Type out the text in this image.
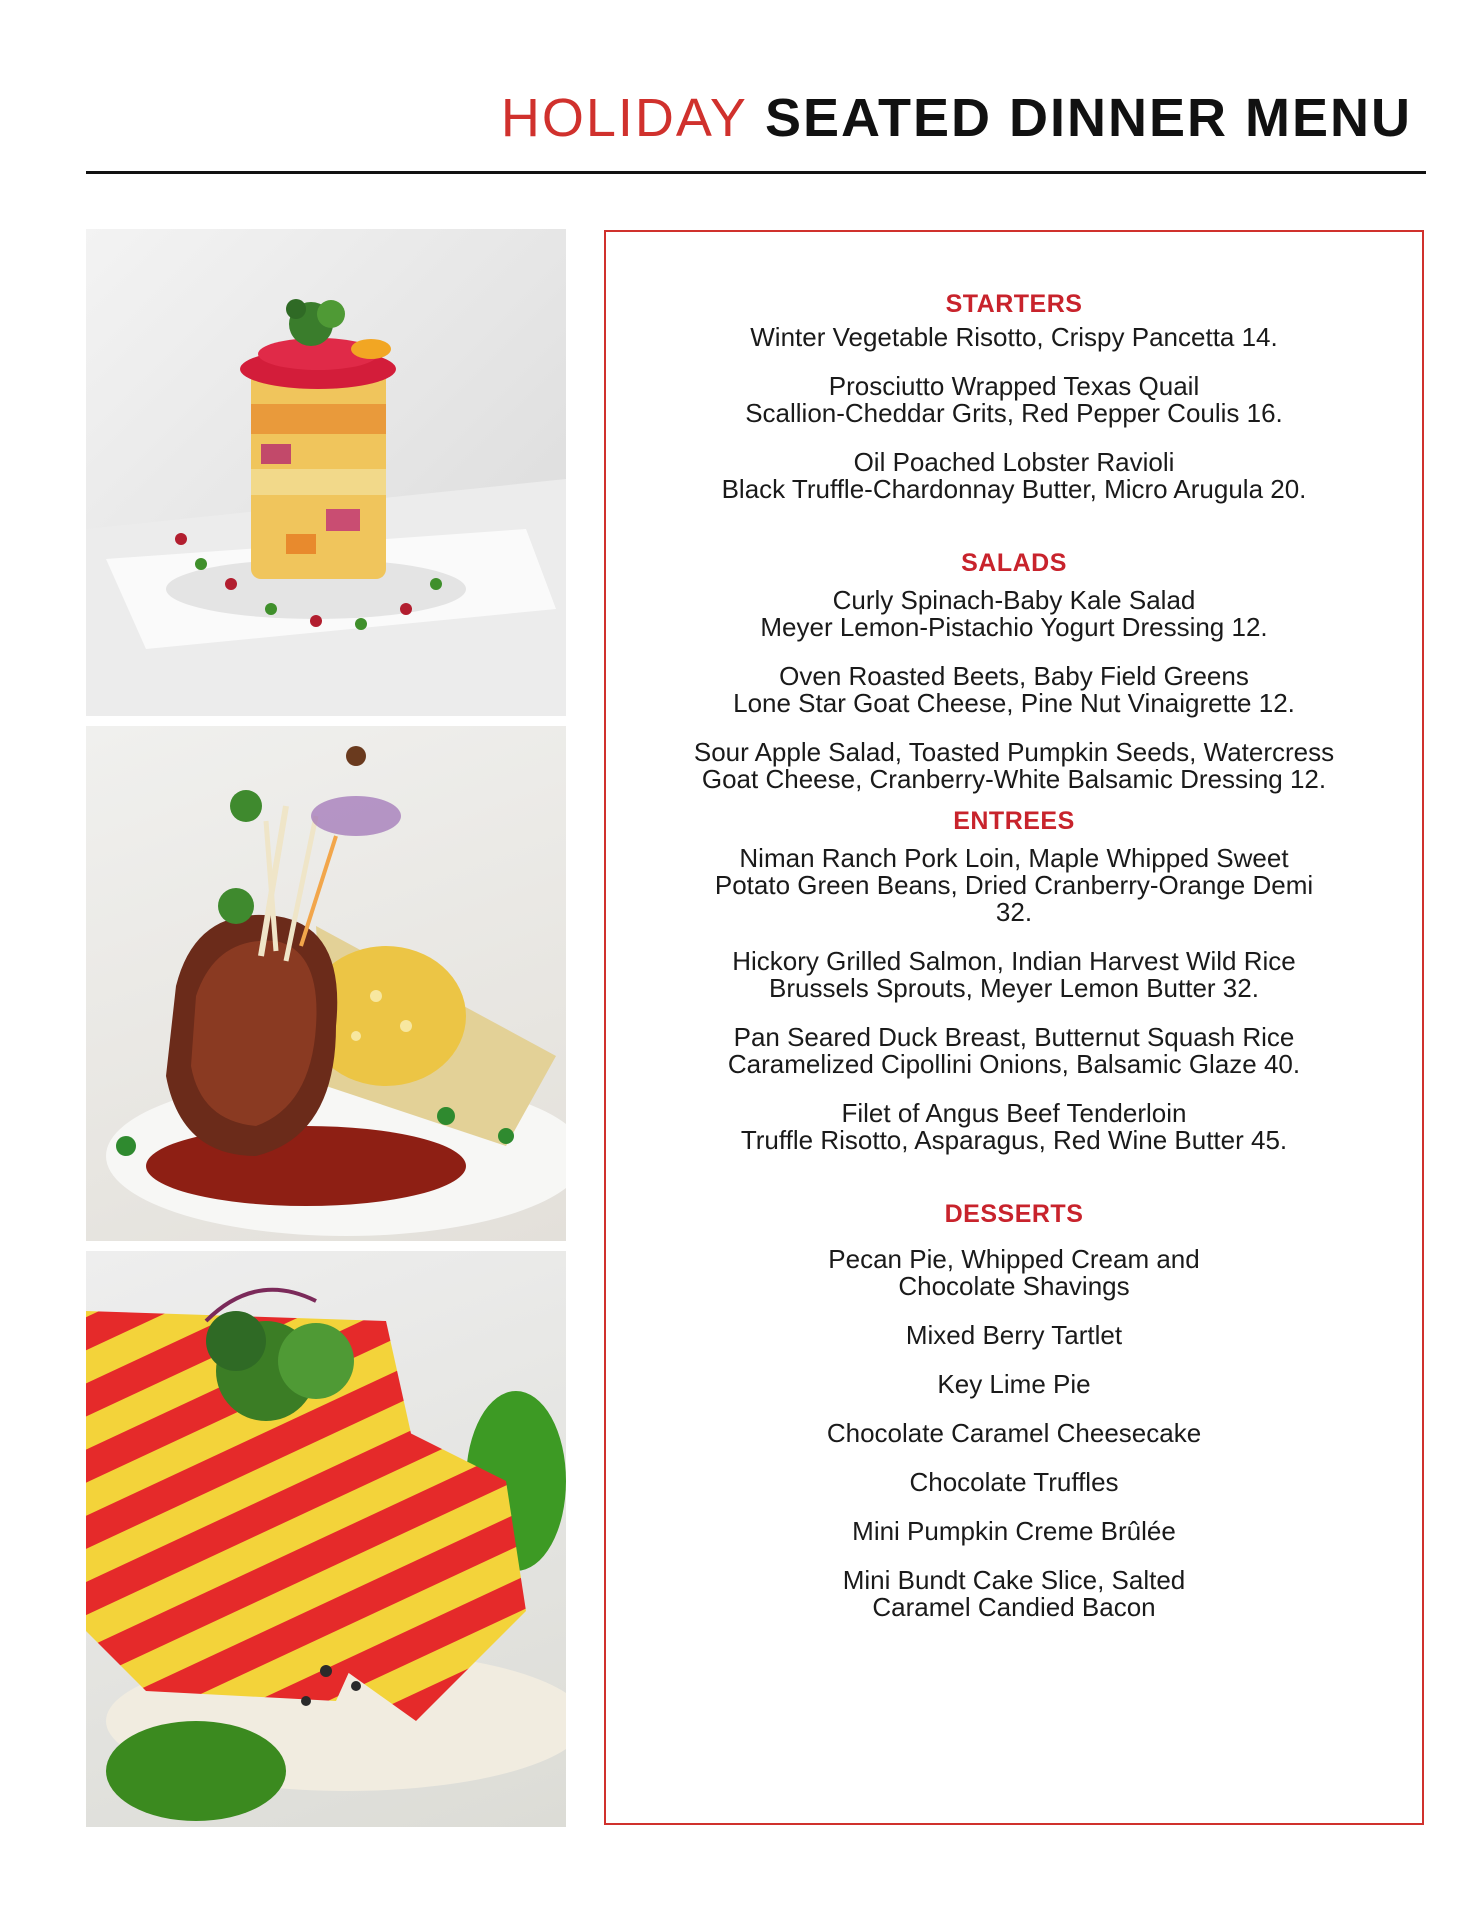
HOLIDAY SEATED DINNER MENU
STARTERS

Winter Vegetable Risotto, Crispy Pancetta 14.

Prosciutto Wrapped Texas Quail
Scallion-Cheddar Grits, Red Pepper Coulis 16.

Oil Poached Lobster Ravioli
Black Truffle-Chardonnay Butter, Micro Arugula 20.

SALADS

Curly Spinach-Baby Kale Salad
Meyer Lemon-Pistachio Yogurt Dressing 12.

Oven Roasted Beets, Baby Field Greens
Lone Star Goat Cheese, Pine Nut Vinaigrette 12.

Sour Apple Salad, Toasted Pumpkin Seeds, Watercress
Goat Cheese, Cranberry-White Balsamic Dressing 12.

ENTREES

Niman Ranch Pork Loin, Maple Whipped Sweet
Potato Green Beans, Dried Cranberry-Orange Demi
32.

Hickory Grilled Salmon, Indian Harvest Wild Rice
Brussels Sprouts, Meyer Lemon Butter 32.

Pan Seared Duck Breast, Butternut Squash Rice
Caramelized Cipollini Onions, Balsamic Glaze 40.

Filet of Angus Beef Tenderloin
Truffle Risotto, Asparagus, Red Wine Butter 45.

DESSERTS

Pecan Pie, Whipped Cream and
Chocolate Shavings

Mixed Berry Tartlet

Key Lime Pie

Chocolate Caramel Cheesecake

Chocolate Truffles

Mini Pumpkin Creme Brûlée

Mini Bundt Cake Slice, Salted
Caramel Candied Bacon
